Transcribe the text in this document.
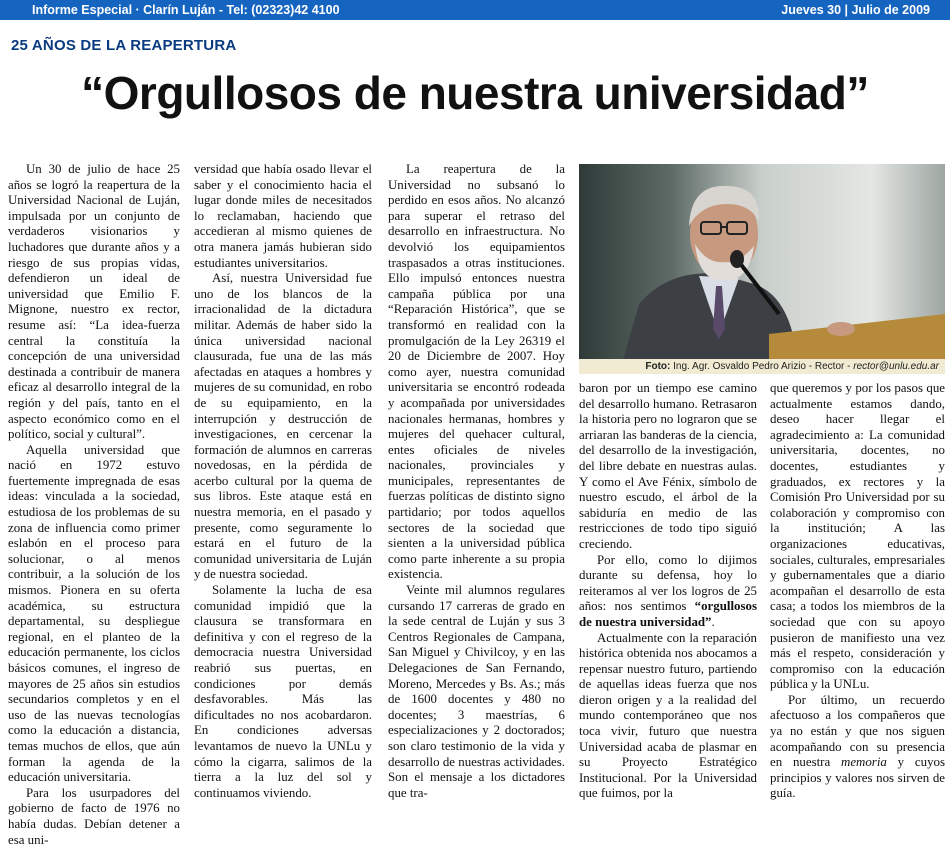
Informe Especial · Clarín Luján - Tel: (02323)42 4100	Jueves 30 | Julio de 2009
25 AÑOS DE LA REAPERTURA
“Orgullosos de nuestra universidad”

Un 30 de julio de hace 25 años se logró la reapertura de la Universidad Nacional de Luján, impulsada por un conjunto de verdaderos visionarios y luchadores que durante años y a riesgo de sus propias vidas, defendieron un ideal de universidad que Emilio F. Mignone, nuestro ex rector, resume así: “La idea-fuerza central la constituía la concepción de una universidad destinada a contribuir de manera eficaz al desarrollo integral de la región y del país, tanto en el aspecto económico como en el político, social y cultural”.

Aquella universidad que nació en 1972 estuvo fuertemente impregnada de esas ideas: vinculada a la sociedad, estudiosa de los problemas de su zona de influencia como primer eslabón en el proceso para solucionar, o al menos contribuir, a la solución de los mismos. Pionera en su oferta académica, su estructura departamental, su despliegue regional, en el planteo de la educación permanente, los ciclos básicos comunes, el ingreso de mayores de 25 años sin estudios secundarios completos y en el uso de las nuevas tecnologías como la educación a distancia, temas muchos de ellos, que aún forman la agenda de la educación universitaria.

Para los usurpadores del gobierno de facto de 1976 no había dudas. Debían detener a esa uni-

versidad que había osado llevar el saber y el conocimiento hacia el lugar donde miles de necesitados lo reclamaban, haciendo que accedieran al mismo quienes de otra manera jamás hubieran sido estudiantes universitarios.

Así, nuestra Universidad fue uno de los blancos de la irracionalidad de la dictadura militar. Además de haber sido la única universidad nacional clausurada, fue una de las más afectadas en ataques a hombres y mujeres de su comunidad, en robo de su equipamiento, en la interrupción y destrucción de investigaciones, en cercenar la formación de alumnos en carreras novedosas, en la pérdida de acerbo cultural por la quema de sus libros. Este ataque está en nuestra memoria, en el pasado y presente, como seguramente lo estará en el futuro de la comunidad universitaria de Luján y de nuestra sociedad.

Solamente la lucha de esa comunidad impidió que la clausura se transformara en definitiva y con el regreso de la democracia nuestra Universidad reabrió sus puertas, en condiciones por demás desfavorables. Más las dificultades no nos acobardaron. En condiciones adversas levantamos de nuevo la UNLu y cómo la cigarra, salimos de la tierra a la luz del sol y continuamos viviendo.

La reapertura de la Universidad no subsanó lo perdido en esos años. No alcanzó para superar el retraso del desarrollo en infraestructura. No devolvió los equipamientos traspasados a otras instituciones. Ello impulsó entonces nuestra campaña pública por una “Reparación Histórica”, que se transformó en realidad con la promulgación de la Ley 26319 el 20 de Diciembre de 2007. Hoy como ayer, nuestra comunidad universitaria se encontró rodeada y acompañada por universidades nacionales hermanas, hombres y mujeres del quehacer cultural, entes oficiales de niveles nacionales, provinciales y municipales, representantes de fuerzas políticas de distinto signo partidario; por todos aquellos sectores de la sociedad que sienten a la universidad pública como parte inherente a su propia existencia.

Veinte mil alumnos regulares cursando 17 carreras de grado en la sede central de Luján y sus 3 Centros Regionales de Campana, San Miguel y Chivilcoy, y en las Delegaciones de San Fernando, Moreno, Mercedes y Bs. As.; más de 1600 docentes y 480 no docentes; 3 maestrías, 6 especializaciones y 2 doctorados; son claro testimonio de la vida y desarrollo de nuestras actividades. Son el mensaje a los dictadores que tra-

Foto: Ing. Agr. Osvaldo Pedro Arizio - Rector - rector@unlu.edu.ar

baron por un tiempo ese camino del desarrollo humano. Retrasaron la historia pero no lograron que se arriaran las banderas de la ciencia, del desarrollo de la investigación, del libre debate en nuestras aulas. Y como el Ave Fénix, símbolo de nuestro escudo, el árbol de la sabiduría en medio de las restricciones de todo tipo siguió creciendo.

Por ello, como lo dijimos durante su defensa, hoy lo reiteramos al ver los logros de 25 años: nos sentimos “orgullosos de nuestra universidad”.

Actualmente con la reparación histórica obtenida nos abocamos a repensar nuestro futuro, partiendo de aquellas ideas fuerza que nos dieron origen y a la realidad del mundo contemporáneo que nos toca vivir, futuro que nuestra Universidad acaba de plasmar en su Proyecto Estratégico Institucional. Por la Universidad que fuimos, por la

que queremos y por los pasos que actualmente estamos dando, deseo hacer llegar el agradecimiento a: La comunidad universitaria, docentes, no docentes, estudiantes y graduados, ex rectores y la Comisión Pro Universidad por su colaboración y compromiso con la institución; A las organizaciones educativas, sociales, culturales, empresariales y gubernamentales que a diario acompañan el desarrollo de esta casa; a todos los miembros de la sociedad que con su apoyo pusieron de manifiesto una vez más el respeto, consideración y compromiso con la educación pública y la UNLu.

Por último, un recuerdo afectuoso a los compañeros que ya no están y que nos siguen acompañando con su presencia en nuestra memoria y cuyos principios y valores nos sirven de guía.
